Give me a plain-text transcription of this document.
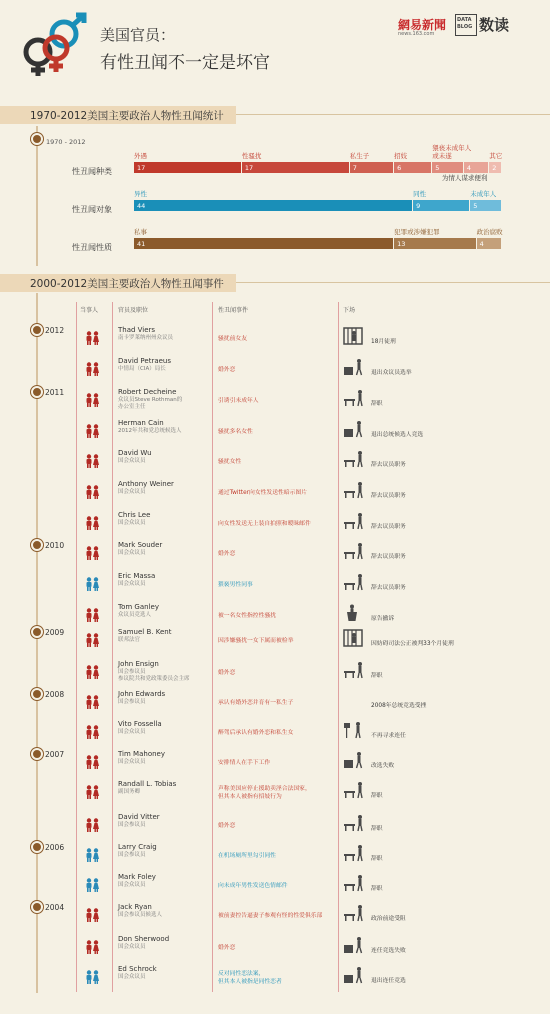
美国官员：
有性丑闻不一定是坏官
網易新聞
news.163.com
DATA BLOG 数读
1970-2012美国主要政治人物性丑闻统计
1970 - 2012
性丑闻种类	17
外遇
17
性骚扰
7
私生子
6
招妓
5
猥亵未成年人
或未遂
4
为情人谋求便利
2
其它
性丑闻对象	44
异性
9
同性
5
未成年人
性丑闻性质	41
私事
13
犯罪或涉嫌犯罪
4
政治腐败
2000-2012美国主要政治人物性丑闻事件
当事人	官员及职位	性丑闻事件	下场
2012	Thad Viers
南卡罗莱纳州州众议员	骚扰前女友	18月徒刑
David Petraeus
中情局（CIA）局长	婚外恋	退出众议员选举
2011	Robert Decheine
众议员Steve Rothman的
办公室主任
引诱引未成年人	辞职
Herman Cain
2012年共和党总统候选人	骚扰多名女性	退出总统候选人竞选
David Wu
国会众议员	骚扰女性	辞去议员职务
Anthony Weiner
国会众议员	通过Twitter向女性发送性暗示图片	辞去议员职务
Chris Lee
国会众议员	向女性发送无上装自拍照和暧昧邮件	辞去议员职务
2010	Mark Souder
国会众议员	婚外恋	辞去议员职务
Eric Massa
国会众议员	猥亵男性同事	辞去议员职务
Tom Ganley
众议员竞选人	被一名女性指控性骚扰	原告撤诉
2009	Samuel B. Kent
联邦法官	因涉嫌骚扰一女下属而被检举	因妨碍司法公正被判33个月徒刑
John Ensign
国会参议员
参议院共和党政策委员会主席
婚外恋	辞职
2008	John Edwards
国会参议员	承认有婚外恋并育有一私生子	2008年总统竞选受挫
Vito Fossella
国会众议员	醉驾后承认有婚外恋和私生女	不再寻求连任
2007	Tim Mahoney
国会众议员	安排情人在手下工作	改选失败
Randall L. Tobias
副国务卿	声称美国应停止援助卖淫合法国家，
但其本人被指有招妓行为	辞职
David Vitter
国会参议员	婚外恋	辞职
2006	Larry Craig
国会参议员	在机场厕所里勾引同性	辞职
Mark Foley
国会众议员	向未成年男性发送色情邮件	辞职
2004	Jack Ryan
国会参议员候选人	被前妻控告逼妻子参观有怪的性爱俱乐部	政治前途受阻
Don Sherwood
国会众议员	婚外恋	连任竞选失败
Ed Schrock
国会众议员	反对同性恋法案，
但其本人被指是同性恋者	退出连任竞选
